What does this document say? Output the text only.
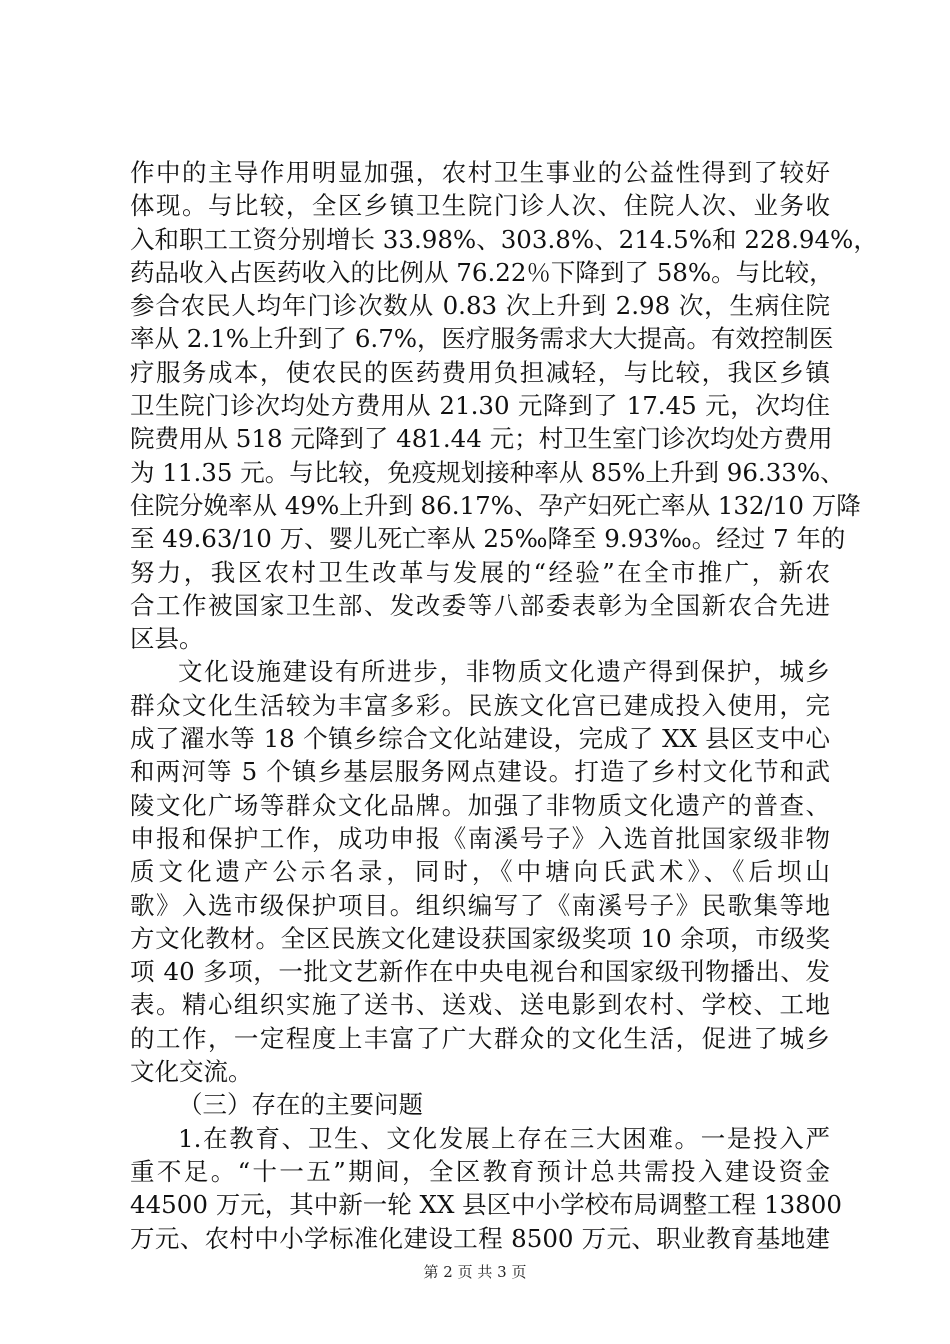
作中的主导作用明显加强，农村卫生事业的公益性得到了较好
体现。与比较，全区乡镇卫生院门诊人次、住院人次、业务收
入和职工工资分别增长 33.98%、303.8%、214.5%和 228.94%，
药品收入占医药收入的比例从 76.22％下降到了 58%。与比较，
参合农民人均年门诊次数从 0.83 次上升到 2.98 次，生病住院
率从 2.1%上升到了 6.7%，医疗服务需求大大提高。有效控制医
疗服务成本，使农民的医药费用负担减轻，与比较，我区乡镇
卫生院门诊次均处方费用从 21.30 元降到了 17.45 元，次均住
院费用从 518 元降到了 481.44 元；村卫生室门诊次均处方费用
为 11.35 元。与比较，免疫规划接种率从 85%上升到 96.33%、
住院分娩率从 49%上升到 86.17%、孕产妇死亡率从 132/10 万降
至 49.63/10 万、婴儿死亡率从 25‰降至 9.93‰。经过 7 年的
努力，我区农村卫生改革与发展的“经验”在全市推广，新农
合工作被国家卫生部、发改委等八部委表彰为全国新农合先进
区县。
文化设施建设有所进步，非物质文化遗产得到保护，城乡
群众文化生活较为丰富多彩。民族文化宫已建成投入使用，完
成了濯水等 18 个镇乡综合文化站建设，完成了 XX 县区支中心
和两河等 5 个镇乡基层服务网点建设。打造了乡村文化节和武
陵文化广场等群众文化品牌。加强了非物质文化遗产的普查、
申报和保护工作，成功申报《南溪号子》入选首批国家级非物
质文化遗产公示名录，同时，《中塘向氏武术》、《后坝山
歌》入选市级保护项目。组织编写了《南溪号子》民歌集等地
方文化教材。全区民族文化建设获国家级奖项 10 余项，市级奖
项 40 多项，一批文艺新作在中央电视台和国家级刊物播出、发
表。精心组织实施了送书、送戏、送电影到农村、学校、工地
的工作，一定程度上丰富了广大群众的文化生活，促进了城乡
文化交流。
（三）存在的主要问题
1.在教育、卫生、文化发展上存在三大困难。一是投入严
重不足。“十一五”期间，全区教育预计总共需投入建设资金
44500 万元，其中新一轮 XX 县区中小学校布局调整工程 13800
万元、农村中小学标准化建设工程 8500 万元、职业教育基地建
第 2 页 共 3 页
